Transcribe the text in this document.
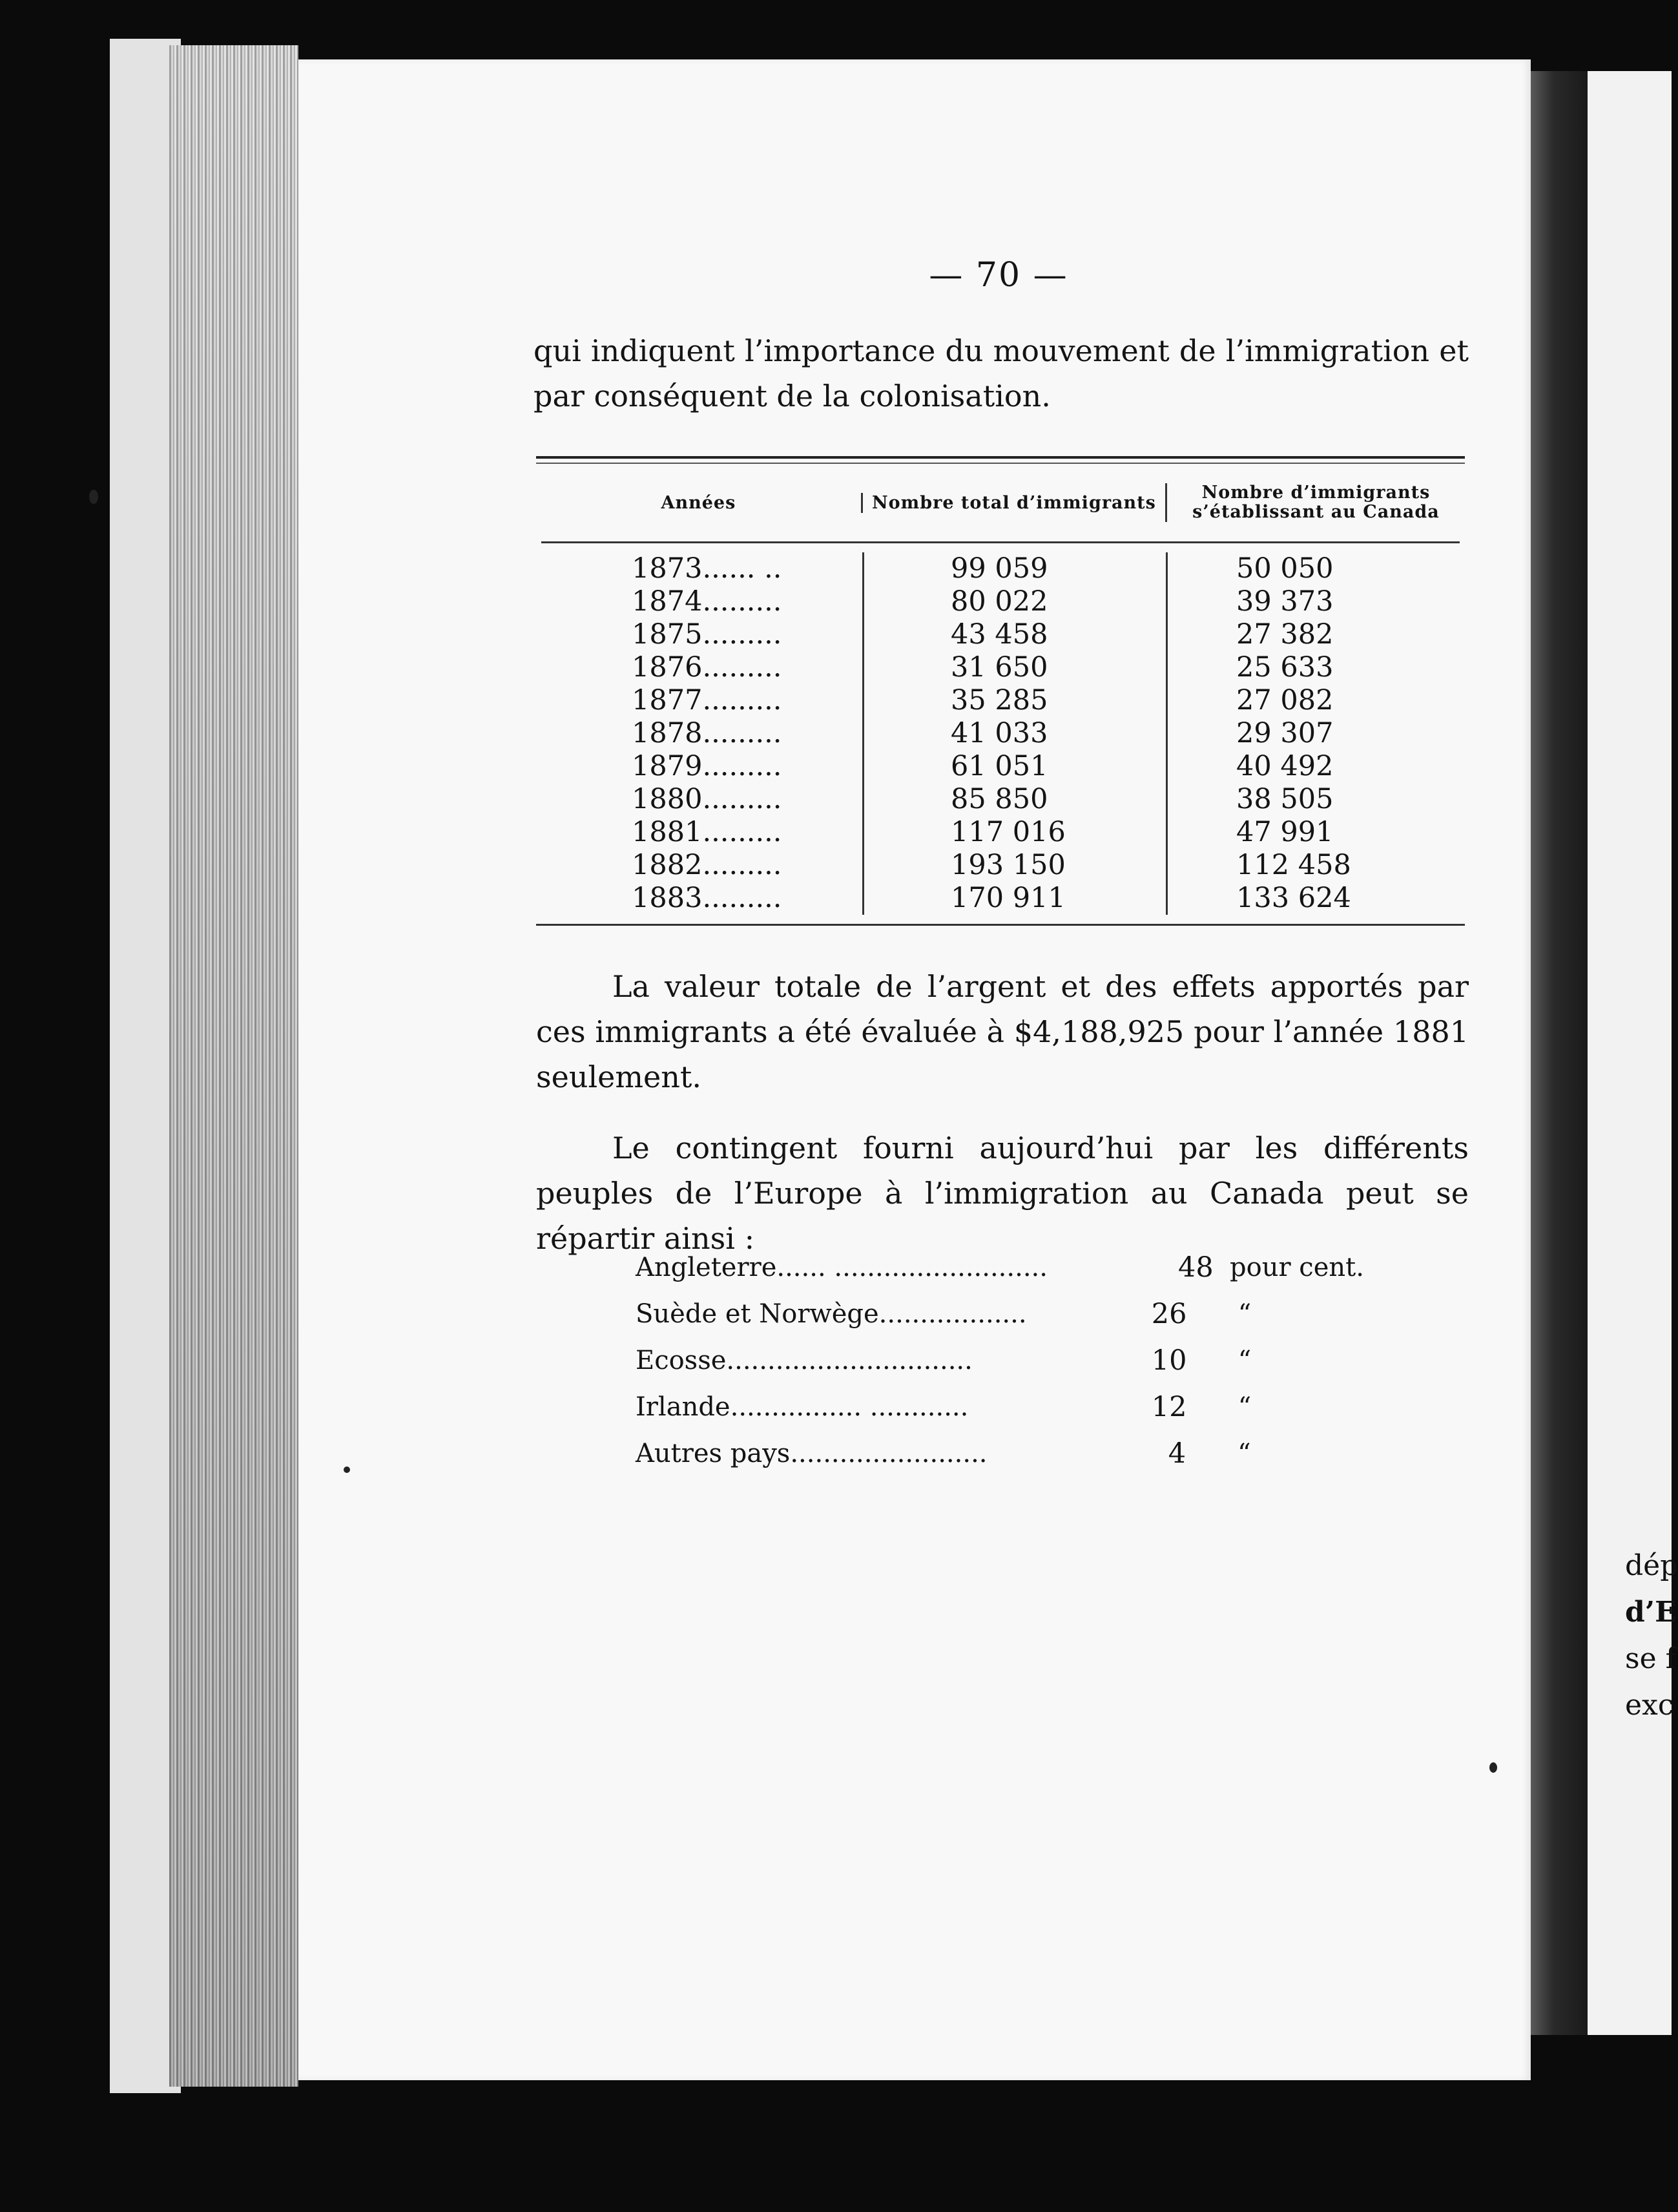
dép
d’E
se f
exc
— 70 —
qui indiquent l’importance du mouvement de l’immigration et par conséquent de la colonisation.
Années	Nombre total d’immigrants	Nombre d’immigrants s’établissant au Canada
1873...... ..	99 059	50 050
1874.........	80 022	39 373
1875.........	43 458	27 382
1876.........	31 650	25 633
1877.........	35 285	27 082
1878.........	41 033	29 307
1879.........	61 051	40 492
1880.........	85 850	38 505
1881.........	117 016	47 991
1882.........	193 150	112 458
1883.........	170 911	133 624
La valeur totale de l’argent et des effets apportés par ces immigrants a été évaluée à $4,188,925 pour l’année 1881 seulement.
Le contingent fourni aujourd’hui par les différents peuples de l’Europe à l’immigration au Canada peut se répartir ainsi :
Angleterre...... ..........................	48 pour cent.
Suède et Norwège..................	26	“
Ecosse..............................	10	“
Irlande................ ............	12	“
Autres pays........................	4	“
